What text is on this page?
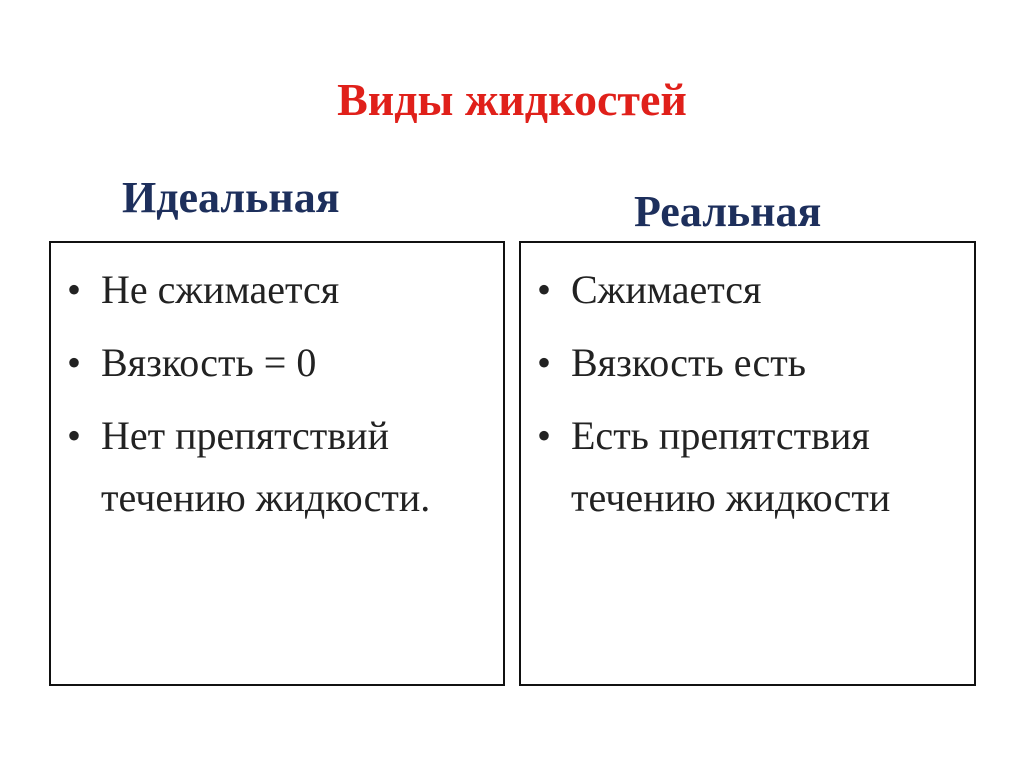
Виды жидкостей
Идеальная	Реальная
• Не сжимается
• Вязкость = 0
• Нет препятствий течению жидкости.
• Сжимается
• Вязкость есть
• Есть препятствия течению жидкости
